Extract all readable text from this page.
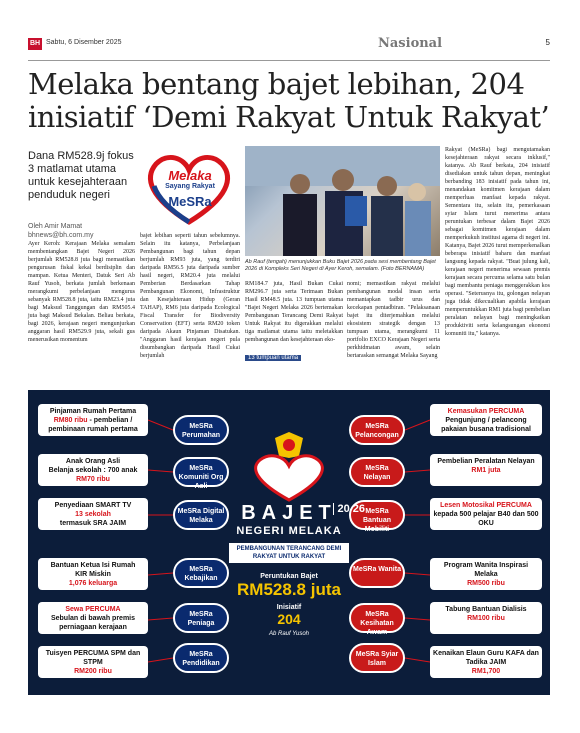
BH Sabtu, 6 Disember 2025	Nasional	5
Melaka bentang bajet lebihan, 204 inisiatif ‘Demi Rakyat Untuk Rakyat’
Dana RM528.9j fokus 3 matlamat utama untuk kesejahteraan penduduk negeri
Oleh Amir Mamat
bhnews@bh.com.my
Melaka
Sayang Rakyat
MeSRa
Ab Rauf (tengah) menunjukkan Buku Bajet 2026 pada sesi membentang Bajet 2026 di Kompleks Seri Negeri di Ayer Keroh, semalam. (Foto BERNAMA)
Ayer Keroh: Kerajaan Melaka semalam membentangkan Bajet Negeri 2026 berjumlah RM528.8 juta bagi memastikan pengurusan fiskal kekal berdisiplin dan mampan. Ketua Menteri, Datuk Seri Ab Rauf Yusoh, berkata jumlah berkenaan merangkumi perbelanjaan mengurus sebanyak RM528.8 juta, iaitu RM23.4 juta bagi Maksud Tanggungan dan RM505.4 juta bagi Maksud Bekalan. Beliau berkata, bagi 2026, kerajaan negeri mengunjurkan anggaran hasil RM529.9 juta, sekali gus menerusikan momentum
bajet lebihan seperti tahun sebelumnya. Selain itu katanya, Perbelanjaan Pembangunan bagi tahun depan berjumlah RM93 juta, yang terdiri daripada RM56.5 juta daripada sumber hasil negeri, RM20.4 juta melalui Pemberian Berdasarkan Tahap Pembangunan Ekonomi, Infrastruktur dan Kesejahteraan Hidup (Geran TAHAP), RM6 juta daripada Ecological Fiscal Transfer for Biodiversity Conservation (EFT) serta RM20 token daripada Akaun Pinjaman Disatukan. "Anggaran hasil kerajaan negeri pula disumbangkan daripada Hasil Cukai berjumlah
RM184.7 juta, Hasil Bukan Cukai RM296.7 juta serta Terimaan Bukan Hasil RM48.5 juta. 13 tumpuan utama "Bajet Negeri Melaka 2026 bertemakan Pembangunan Terancang Demi Rakyat Untuk Rakyat itu digerakkan melalui tiga matlamat utama iaitu meletakkan pembangunan dan kesejahteraan eko-
13 tumpuan utama
nomi; memastikan rakyat melalui pembangunan modal insan serta memantapkan tadbir urus dan kecekapan pentadbiran. "Pelaksanaan bajet itu diterjemahkan melalui ekosistem strategik dengan 13 tumpuan utama, merangkumi 11 portfolio EXCO Kerajaan Negeri serta perkhidmatan awam, selain bertaraskan semangat Melaka Sayang
Rakyat (MeSRa) bagi mengutamakan kesejahteraan rakyat secara inklusif," katanya. Ab Rauf berkata, 204 inisiatif disediakan untuk tahun depan, meningkat berbanding 183 inisiatif pada tahun ini, menandakan komitmen kerajaan dalam memperluas manfaat kepada rakyat. Sementara itu, selain itu, pemerkasaan syiar Islam turut menerima antara peruntukan terbesar dalam Bajet 2026 sebagai komitmen kerajaan dalam memperkukuh institusi agama di negeri ini. Katanya, Bajet 2026 turut memperkenalkan beberapa inisiatif baharu dan manfaat langsung kepada rakyat. "Buat julung kali, kerajaan negeri menerima sewaan premis kerajaan secara percuma selama satu bulan bagi membantu peniaga menggerakkan kos operasi. "Seterusnya itu, golongan nelayan juga tidak dikecualikan apabila kerajaan memperuntukkan RM1 juta bagi pembelian peralatan nelayan bagi meningkatkan produktiviti serta kelangsungan ekonomi komuniti itu," katanya.
Pinjaman Rumah Pertama
RM80 ribu - pembelian / pembinaan rumah pertama
Anak Orang Asli
Belanja sekolah : 700 anak
RM70 ribu
Penyediaan SMART TV
13 sekolah
termasuk SRA JAIM
Bantuan Ketua Isi Rumah
KIR Miskin
1,076 keluarga
Sewa PERCUMA
Sebulan di bawah premis perniagaan kerajaan
Tuisyen PERCUMA SPM dan STPM
RM200 ribu
MeSRa Perumahan
MeSRa Komuniti Org Asli
MeSRa Digital Melaka
MeSRa Kebajikan
MeSRa Peniaga
MeSRa Pendidikan
MeSRa Pelancongan
MeSRa Nelayan
MeSRa Bantuan Mobiliti
MeSRa Wanita
MeSRa Kesihatan Awam
MeSRa Syiar Islam
Kemasukan PERCUMA
Pengunjung / pelancong pakaian busana tradisional
Pembelian Peralatan Nelayan
RM1 juta
Lesen Motosikal PERCUMA
kepada 500 pelajar B40 dan 500 OKU
Program Wanita Inspirasi Melaka
RM500 ribu
Tabung Bantuan Dialisis
RM100 ribu
Kenaikan Elaun Guru KAFA dan Tadika JAIM
RM1,700
20 26
BAJET
NEGERI MELAKA
PEMBANGUNAN TERANCANG DEMI RAKYAT UNTUK RAKYAT
Peruntukan Bajet
RM528.8 juta
Inisiatif
204
Ab Rauf Yusoh
